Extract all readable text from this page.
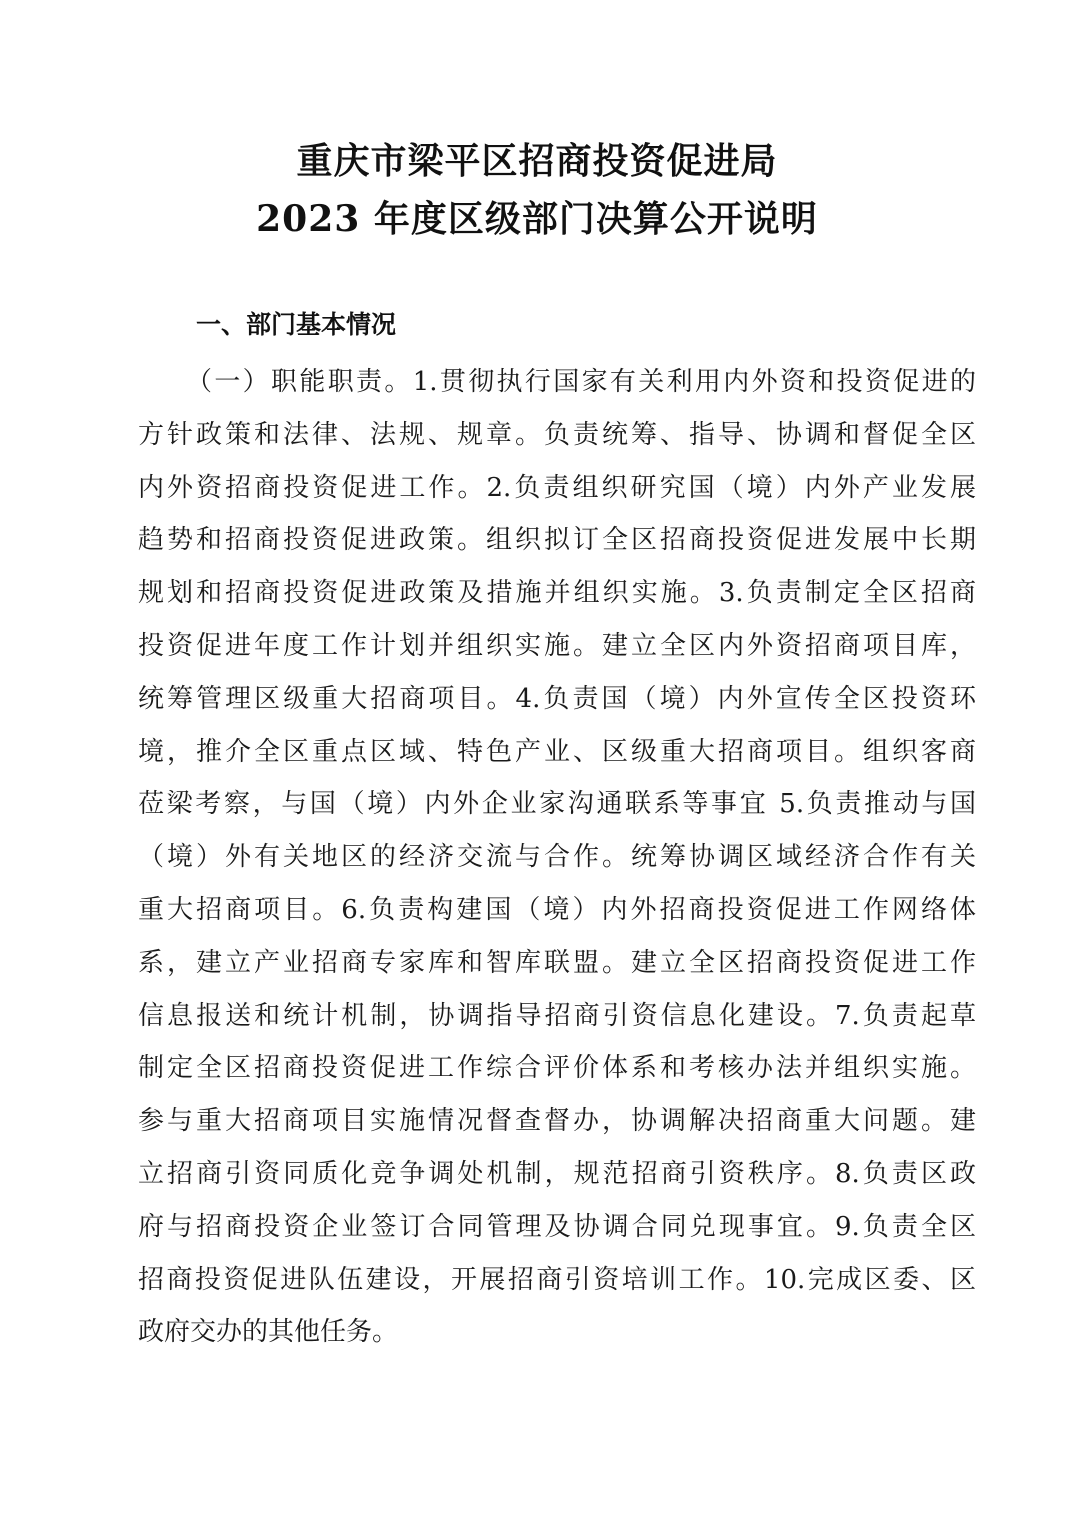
重庆市梁平区招商投资促进局
2023 年度区级部门决算公开说明
一、部门基本情况
（一）职能职责。1.贯彻执行国家有关利用内外资和投资促进的
方针政策和法律、法规、规章。负责统筹、指导、协调和督促全区
内外资招商投资促进工作。2.负责组织研究国（境）内外产业发展
趋势和招商投资促进政策。组织拟订全区招商投资促进发展中长期
规划和招商投资促进政策及措施并组织实施。3.负责制定全区招商
投资促进年度工作计划并组织实施。建立全区内外资招商项目库，
统筹管理区级重大招商项目。4.负责国（境）内外宣传全区投资环
境，推介全区重点区域、特色产业、区级重大招商项目。组织客商
莅梁考察，与国（境）内外企业家沟通联系等事宜 5.负责推动与国
（境）外有关地区的经济交流与合作。统筹协调区域经济合作有关
重大招商项目。6.负责构建国（境）内外招商投资促进工作网络体
系，建立产业招商专家库和智库联盟。建立全区招商投资促进工作
信息报送和统计机制，协调指导招商引资信息化建设。7.负责起草
制定全区招商投资促进工作综合评价体系和考核办法并组织实施。
参与重大招商项目实施情况督查督办，协调解决招商重大问题。建
立招商引资同质化竞争调处机制，规范招商引资秩序。8.负责区政
府与招商投资企业签订合同管理及协调合同兑现事宜。9.负责全区
招商投资促进队伍建设，开展招商引资培训工作。10.完成区委、区
政府交办的其他任务。
